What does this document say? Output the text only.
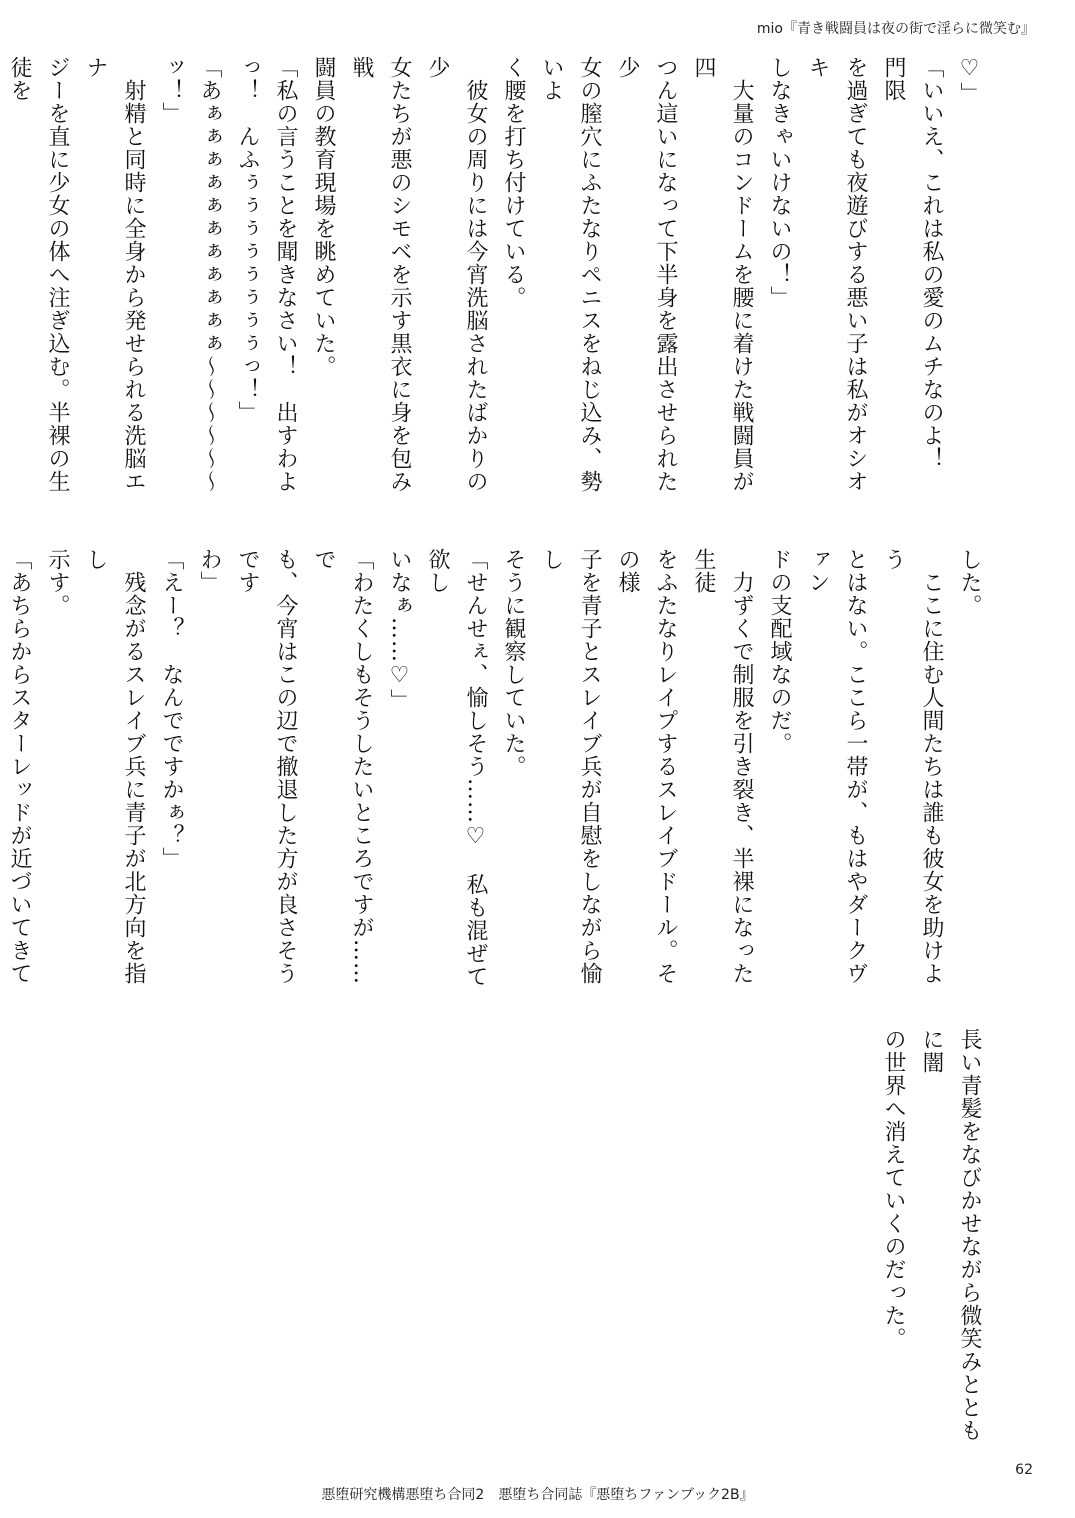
mio『青き戦闘員は夜の街で淫らに微笑む』

♡」

「いいえ、これは私の愛のムチなのよ！　門限

を過ぎても夜遊びする悪い子は私がオシオキ

しなきゃいけないの！」

　大量のコンドームを腰に着けた戦闘員が四

つん這いになって下半身を露出させられた少

女の膣穴にふたなりペニスをねじ込み、勢いよ

く腰を打ち付けている。

　彼女の周りには今宵洗脳されたばかりの少

女たちが悪のシモベを示す黒衣に身を包み戦

闘員の教育現場を眺めていた。

「私の言うことを聞きなさい！　出すわよ

っ！　んふぅぅぅぅぅぅぅぅっ！」

「あぁぁぁぁぁぁぁぁぁぁぁ〜〜〜〜〜〜

ッ！」

　射精と同時に全身から発せられる洗脳エナ

ジーを直に少女の体へ注ぎ込む。半裸の生徒を

した。

　ここに住む人間たちは誰も彼女を助けよう

とはない。ここら一帯が、もはやダークヴァン

ドの支配域なのだ。

　力ずくで制服を引き裂き、半裸になった生徒

をふたなりレイプするスレイブドール。その様

子を青子とスレイブ兵が自慰をしながら愉し

そうに観察していた。

「せんせぇ、愉しそう……♡　私も混ぜて欲し

いなぁ……♡」

「わたくしもそうしたいところですが……で

も、今宵はこの辺で撤退した方が良さそうです

わ」

「えー？　なんでですかぁ？」

　残念がるスレイブ兵に青子が北方向を指し

示す。

「あちらからスターレッドが近づいてきて

長い青髪をなびかせながら微笑みとともに闇

の世界へ消えていくのだった。

62
悪堕研究機構悪堕ち合同2　悪堕ち合同誌『悪堕ちファンブック2B』
